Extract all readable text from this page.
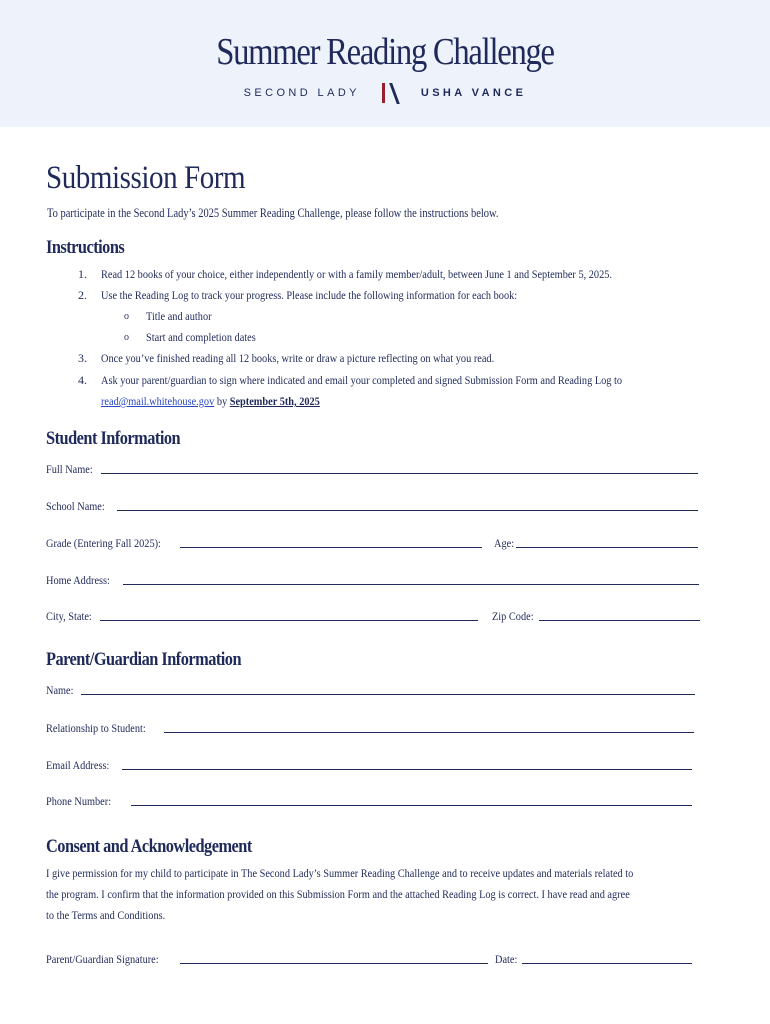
Summer Reading Challenge
SECOND LADY	USHA VANCE
Submission Form
To participate in the Second Lady’s 2025 Summer Reading Challenge, please follow the instructions below.
Instructions
1. Read 12 books of your choice, either independently or with a family member/adult, between June 1 and September 5, 2025.
2. Use the Reading Log to track your progress. Please include the following information for each book:
o Title and author
o Start and completion dates
3. Once you’ve finished reading all 12 books, write or draw a picture reflecting on what you read.
4. Ask your parent/guardian to sign where indicated and email your completed and signed Submission Form and Reading Log to
read@mail.whitehouse.gov by September 5th, 2025
Student Information
Full Name:
School Name:
Grade (Entering Fall 2025):	Age:
Home Address:
City, State:	Zip Code:
Parent/Guardian Information
Name:
Relationship to Student:
Email Address:
Phone Number:
Consent and Acknowledgement
I give permission for my child to participate in The Second Lady’s Summer Reading Challenge and to receive updates and materials related to
the program. I confirm that the information provided on this Submission Form and the attached Reading Log is correct. I have read and agree
to the Terms and Conditions.
Parent/Guardian Signature:	Date:
